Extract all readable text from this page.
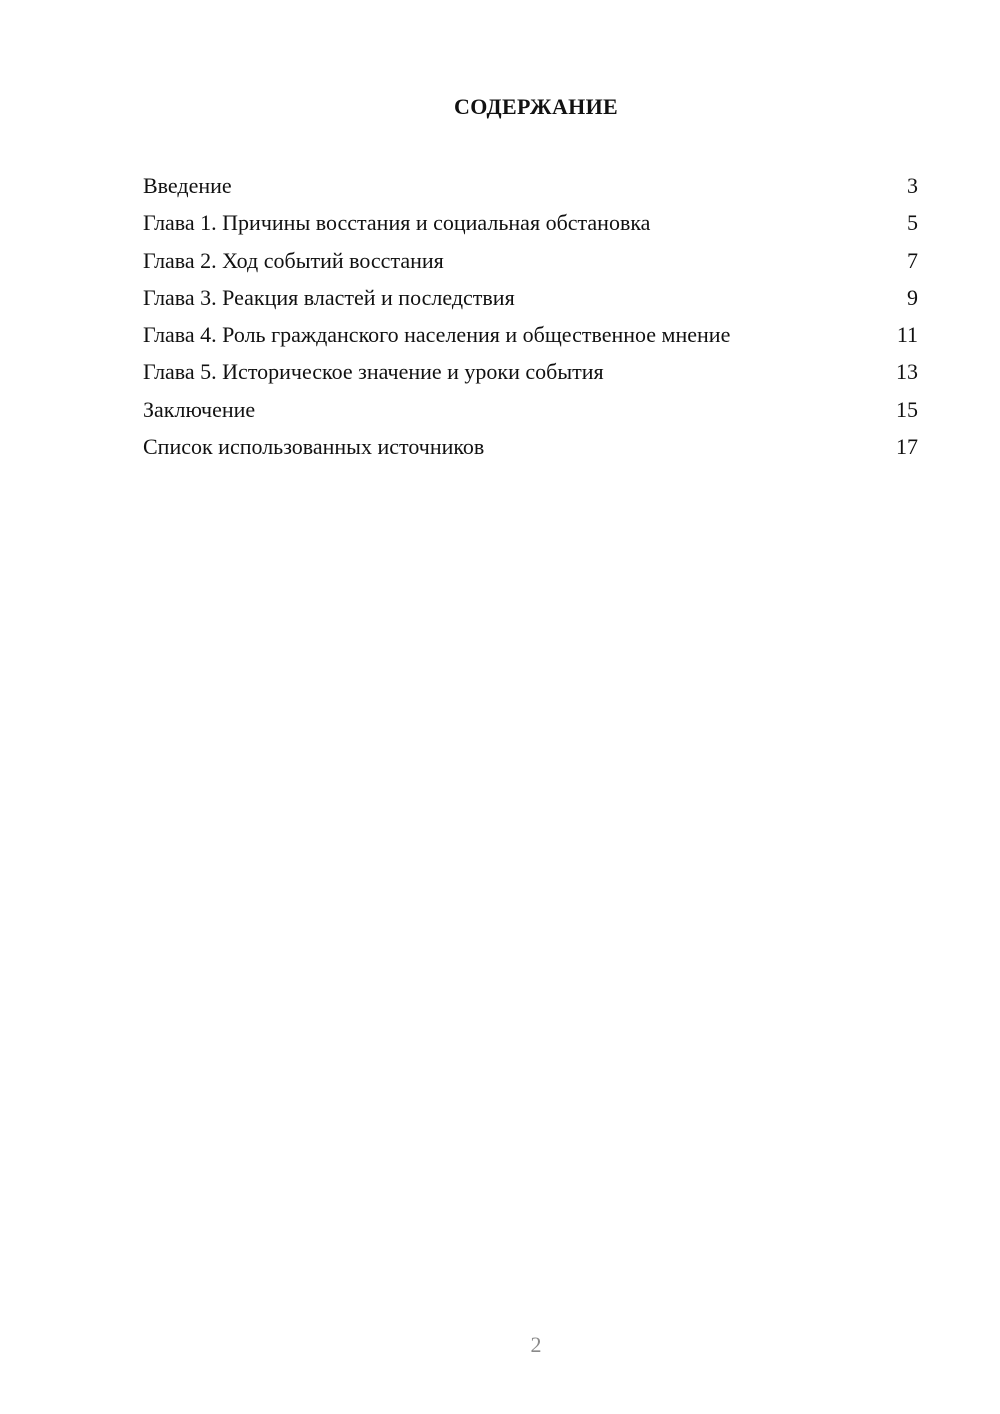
СОДЕРЖАНИЕ
Введение	3
Глава 1. Причины восстания и социальная обстановка	5
Глава 2. Ход событий восстания	7
Глава 3. Реакция властей и последствия	9
Глава 4. Роль гражданского населения и общественное мнение	11
Глава 5. Историческое значение и уроки события	13
Заключение	15
Список использованных источников	17
2
